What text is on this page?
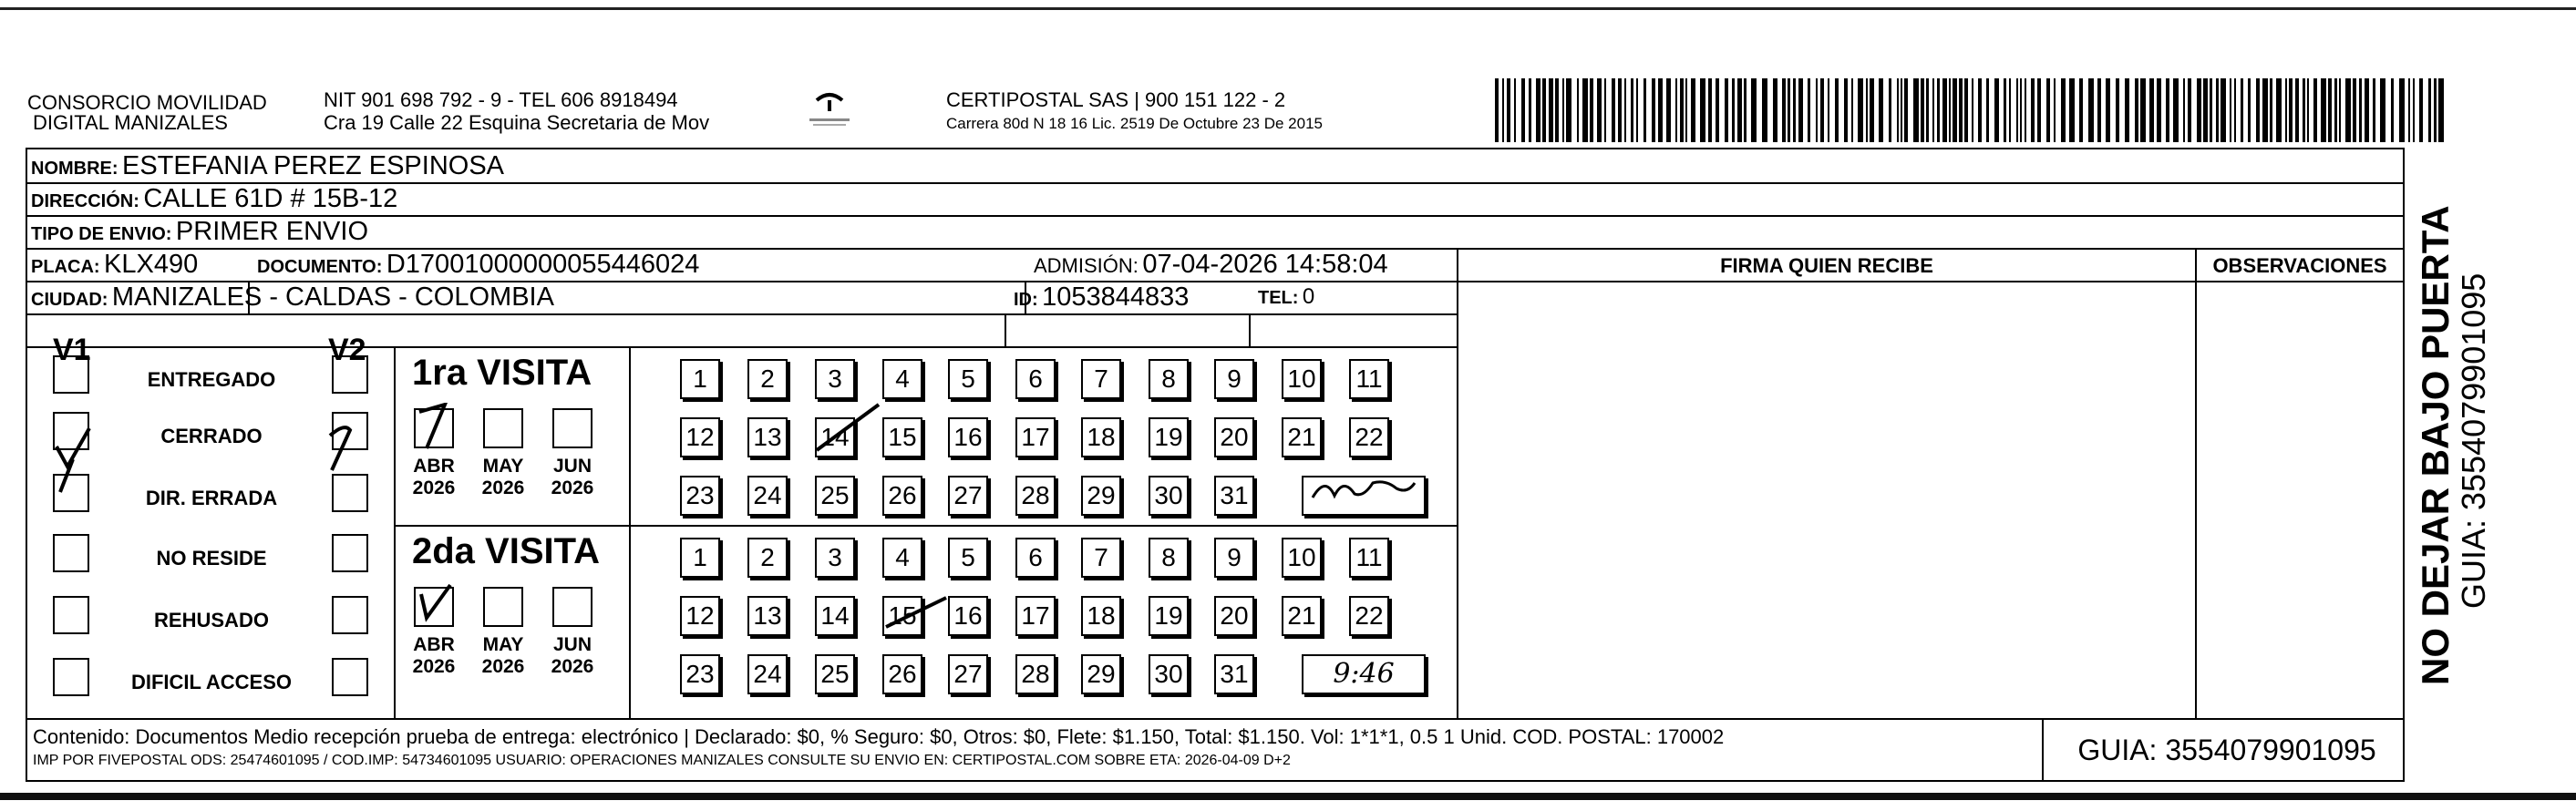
CONSORCIO MOVILIDAD
DIGITAL MANIZALES
NIT 901 698 792 - 9 - TEL 606 8918494
Cra 19 Calle 22 Esquina Secretaria de Mov
CERTIPOSTAL SAS | 900 151 122 - 2
Carrera 80d N 18 16 Lic. 2519 De Octubre 23 De 2015
NOMBRE: ESTEFANIA PEREZ ESPINOSA
DIRECCIÓN: CALLE 61D # 15B-12
TIPO DE ENVIO: PRIMER ENVIO
FIRMA QUIEN RECIBE	OBSERVACIONES
PLACA: KLX490	DOCUMENTO: D17001000000055446024	ADMISIÓN: 07-04-2026 14:58:04
CIUDAD: MANIZALES - CALDAS - COLOMBIA	ID: 1053844833	TEL: 0
V1	V2
ENTREGADO
CERRADO
DIR. ERRADA
NO RESIDE
REHUSADO
DIFICIL ACCESO
1ra VISITA
ABR
2026
MAY
2026
JUN
2026
1	2	3	4	5	6	7	8	9	10 11
12 13 14 15 16 17 18 19 20 21 22
23 24 25 26 27 28 29 30 31
2da VISITA
ABR
2026
MAY
2026
JUN
2026
1	2	3	4	5	6	7	8	9	10 11
12 13 14 15 16 17 18 19 20 21 22
23 24 25 26 27 28 29 30 31	9:46
Contenido: Documentos Medio recepción prueba de entrega: electrónico | Declarado: $0, % Seguro: $0, Otros: $0, Flete: $1.150, Total: $1.150. Vol: 1*1*1, 0.5 1 Unid. COD. POSTAL: 170002
IMP POR FIVEPOSTAL ODS: 25474601095 / COD.IMP: 54734601095 USUARIO: OPERACIONES MANIZALES CONSULTE SU ENVIO EN: CERTIPOSTAL.COM SOBRE ETA: 2026-04-09 D+2	GUIA: 3554079901095
NO DEJAR BAJO PUERTA
GUIA: 3554079901095
